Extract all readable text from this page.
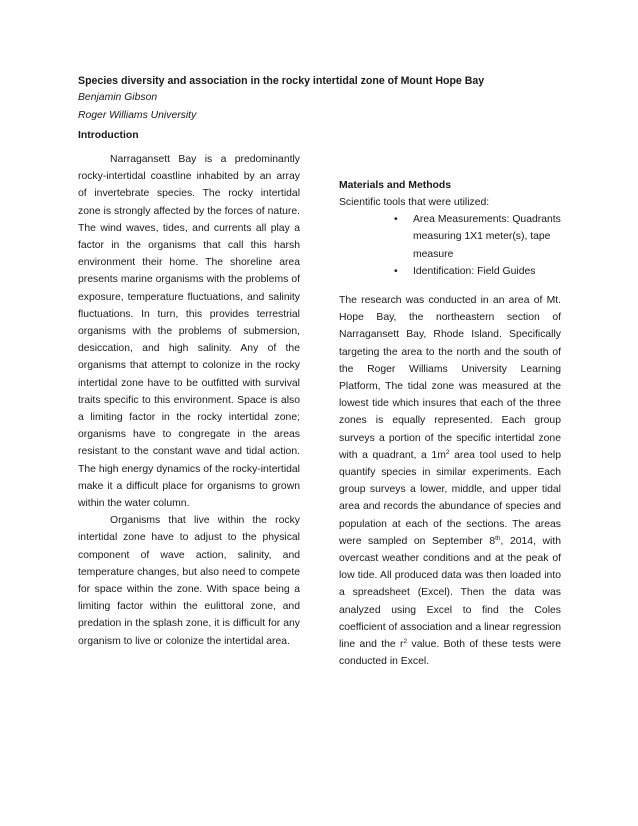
Species diversity and association in the rocky intertidal zone of Mount Hope Bay

Benjamin Gibson

Roger Williams University

Introduction

Narragansett Bay is a predominantly rocky-intertidal coastline inhabited by an array of invertebrate species. The rocky intertidal zone is strongly affected by the forces of nature. The wind waves, tides, and currents all play a factor in the organisms that call this harsh environment their home. The shoreline area presents marine organisms with the problems of exposure, temperature fluctuations, and salinity fluctuations. In turn, this provides terrestrial organisms with the problems of submersion, desiccation, and high salinity. Any of the organisms that attempt to colonize in the rocky intertidal zone have to be outfitted with survival traits specific to this environment. Space is also a limiting factor in the rocky intertidal zone; organisms have to congregate in the areas resistant to the constant wave and tidal action. The high energy dynamics of the rocky-intertidal make it a difficult place for organisms to grown within the water column.

Organisms that live within the rocky intertidal zone have to adjust to the physical component of wave action, salinity, and temperature changes, but also need to compete for space within the zone. With space being a limiting factor within the eulittoral zone, and predation in the splash zone, it is difficult for any organism to live or colonize the intertidal area.

Materials and Methods

Scientific tools that were utilized:

• Area Measurements: Quadrants measuring 1X1 meter(s), tape measure
• Identification: Field Guides

The research was conducted in an area of Mt. Hope Bay, the northeastern section of Narragansett Bay, Rhode Island. Specifically targeting the area to the north and the south of the Roger Williams University Learning Platform, The tidal zone was measured at the lowest tide which insures that each of the three zones is equally represented. Each group surveys a portion of the specific intertidal zone with a quadrant, a $1m^2$ area tool used to help quantify species in similar experiments. Each group surveys a lower, middle, and upper tidal area and records the abundance of species and population at each of the sections. The areas were sampled on September 8th, 2014, with overcast weather conditions and at the peak of low tide. All produced data was then loaded into a spreadsheet (Excel). Then the data was analyzed using Excel to find the Coles coefficient of association and a linear regression line and the $r^2$ value. Both of these tests were conducted in Excel.
